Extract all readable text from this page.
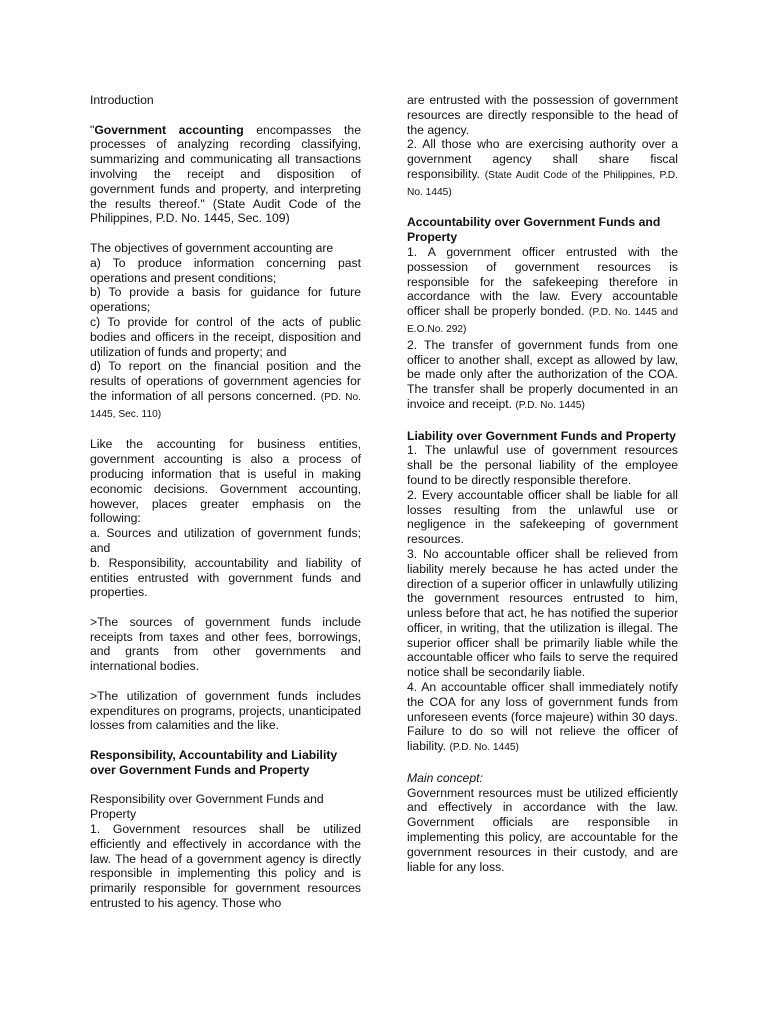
Introduction

"Government accounting encompasses the processes of analyzing recording classifying, summarizing and communicating all transactions involving the receipt and disposition of government funds and property, and interpreting the results thereof." (State Audit Code of the Philippines, P.D. No. 1445, Sec. 109)

The objectives of government accounting are

a) To produce information concerning past operations and present conditions;

b) To provide a basis for guidance for future operations;

c) To provide for control of the acts of public bodies and officers in the receipt, disposition and utilization of funds and property; and

d) To report on the financial position and the results of operations of government agencies for the information of all persons concerned. (PD. No. 1445, Sec. 110)

Like the accounting for business entities, government accounting is also a process of producing information that is useful in making economic decisions. Government accounting, however, places greater emphasis on the following:

a. Sources and utilization of government funds; and

b. Responsibility, accountability and liability of entities entrusted with government funds and properties.

>The sources of government funds include receipts from taxes and other fees, borrowings, and grants from other governments and international bodies.

>The utilization of government funds includes expenditures on programs, projects, unanticipated losses from calamities and the like.

Responsibility, Accountability and Liability over Government Funds and Property

Responsibility over Government Funds and Property

1. Government resources shall be utilized efficiently and effectively in accordance with the law. The head of a government agency is directly responsible in implementing this policy and is primarily responsible for government resources entrusted to his agency. Those who

are entrusted with the possession of government resources are directly responsible to the head of the agency.

2. All those who are exercising authority over a government agency shall share fiscal responsibility. (State Audit Code of the Philippines, P.D. No. 1445)

Accountability over Government Funds and Property

1. A government officer entrusted with the possession of government resources is responsible for the safekeeping therefore in accordance with the law. Every accountable officer shall be properly bonded. (P.D. No. 1445 and E.O.No. 292)

2. The transfer of government funds from one officer to another shall, except as allowed by law, be made only after the authorization of the COA. The transfer shall be properly documented in an invoice and receipt. (P.D. No. 1445)

Liability over Government Funds and Property

1. The unlawful use of government resources shall be the personal liability of the employee found to be directly responsible therefore.

2. Every accountable officer shall be liable for all losses resulting from the unlawful use or negligence in the safekeeping of government resources.

3. No accountable officer shall be relieved from liability merely because he has acted under the direction of a superior officer in unlawfully utilizing the government resources entrusted to him, unless before that act, he has notified the superior officer, in writing, that the utilization is illegal. The superior officer shall be primarily liable while the accountable officer who fails to serve the required notice shall be secondarily liable.

4. An accountable officer shall immediately notify the COA for any loss of government funds from unforeseen events (force majeure) within 30 days. Failure to do so will not relieve the officer of liability. (P.D. No. 1445)

Main concept:

Government resources must be utilized efficiently and effectively in accordance with the law. Government officials are responsible in implementing this policy, are accountable for the government resources in their custody, and are liable for any loss.
